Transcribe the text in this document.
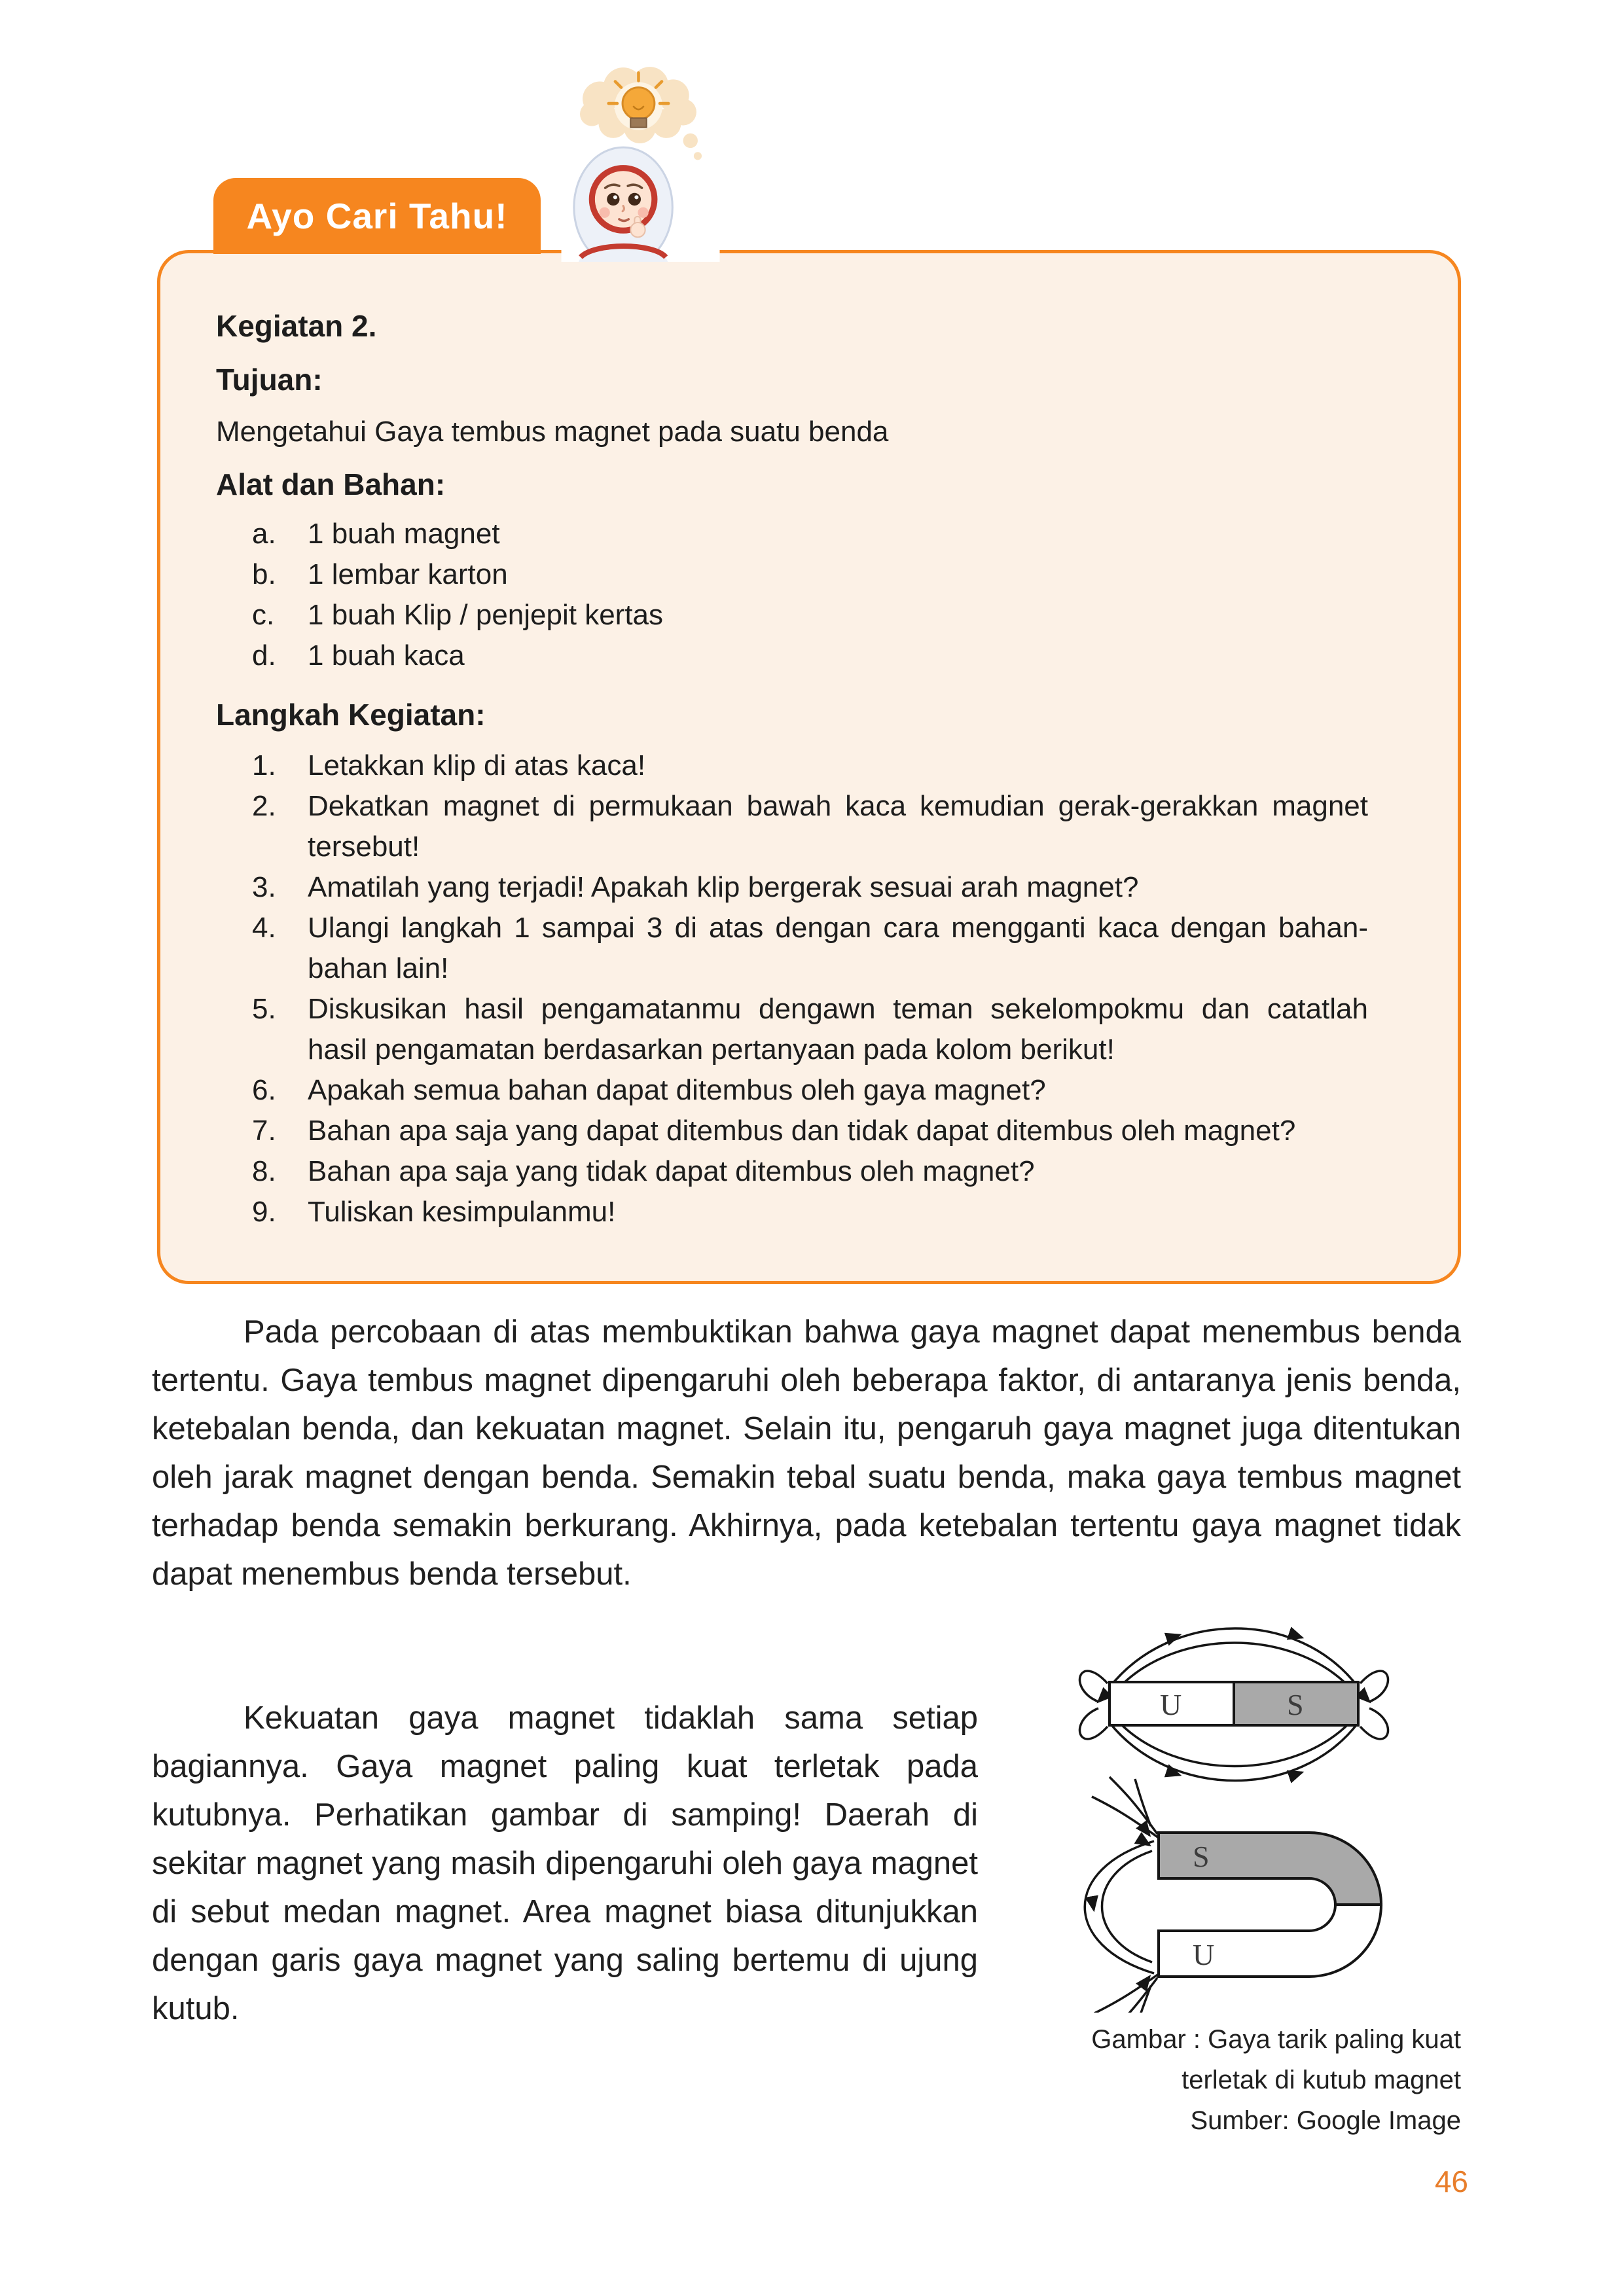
Ayo Cari Tahu!
Kegiatan 2.
Tujuan:
Mengetahui Gaya tembus magnet pada suatu benda
Alat dan Bahan:
a.	1 buah magnet
b.	1 lembar karton
c.	1 buah Klip / penjepit kertas
d.	1 buah kaca
Langkah Kegiatan:
1.	Letakkan klip di atas kaca!
2.	Dekatkan magnet di permukaan bawah kaca kemudian gerak-gerakkan magnet tersebut!
3.	Amatilah yang terjadi! Apakah klip bergerak sesuai arah magnet?
4.	Ulangi langkah 1 sampai 3 di atas dengan cara mengganti kaca dengan bahan-bahan lain!
5.	Diskusikan hasil pengamatanmu dengawn teman sekelompokmu dan catatlah hasil pengamatan berdasarkan pertanyaan pada kolom berikut!
6.	Apakah semua bahan dapat ditembus oleh gaya magnet?
7.	Bahan apa saja yang dapat ditembus dan tidak dapat ditembus oleh magnet?
8.	Bahan apa saja yang tidak dapat ditembus oleh magnet?
9.	Tuliskan kesimpulanmu!
Pada percobaan di atas membuktikan bahwa gaya magnet dapat menembus benda tertentu. Gaya tembus magnet dipengaruhi oleh beberapa faktor, di antaranya jenis benda, ketebalan benda, dan kekuatan magnet. Selain itu, pengaruh gaya magnet juga ditentukan oleh jarak magnet dengan benda. Semakin tebal suatu benda, maka gaya tembus magnet terhadap benda semakin berkurang. Akhirnya, pada ketebalan tertentu gaya magnet tidak dapat menembus benda tersebut.
Kekuatan gaya magnet tidaklah sama setiap bagiannya. Gaya magnet paling kuat terletak pada kutubnya. Perhatikan gambar di samping! Daerah di sekitar magnet yang masih dipengaruhi oleh gaya magnet di sebut medan magnet. Area magnet biasa ditunjukkan dengan garis gaya magnet yang saling bertemu di ujung kutub.
U	S
S
U
Gambar : Gaya tarik paling kuat
terletak di kutub magnet
Sumber: Google Image
46
